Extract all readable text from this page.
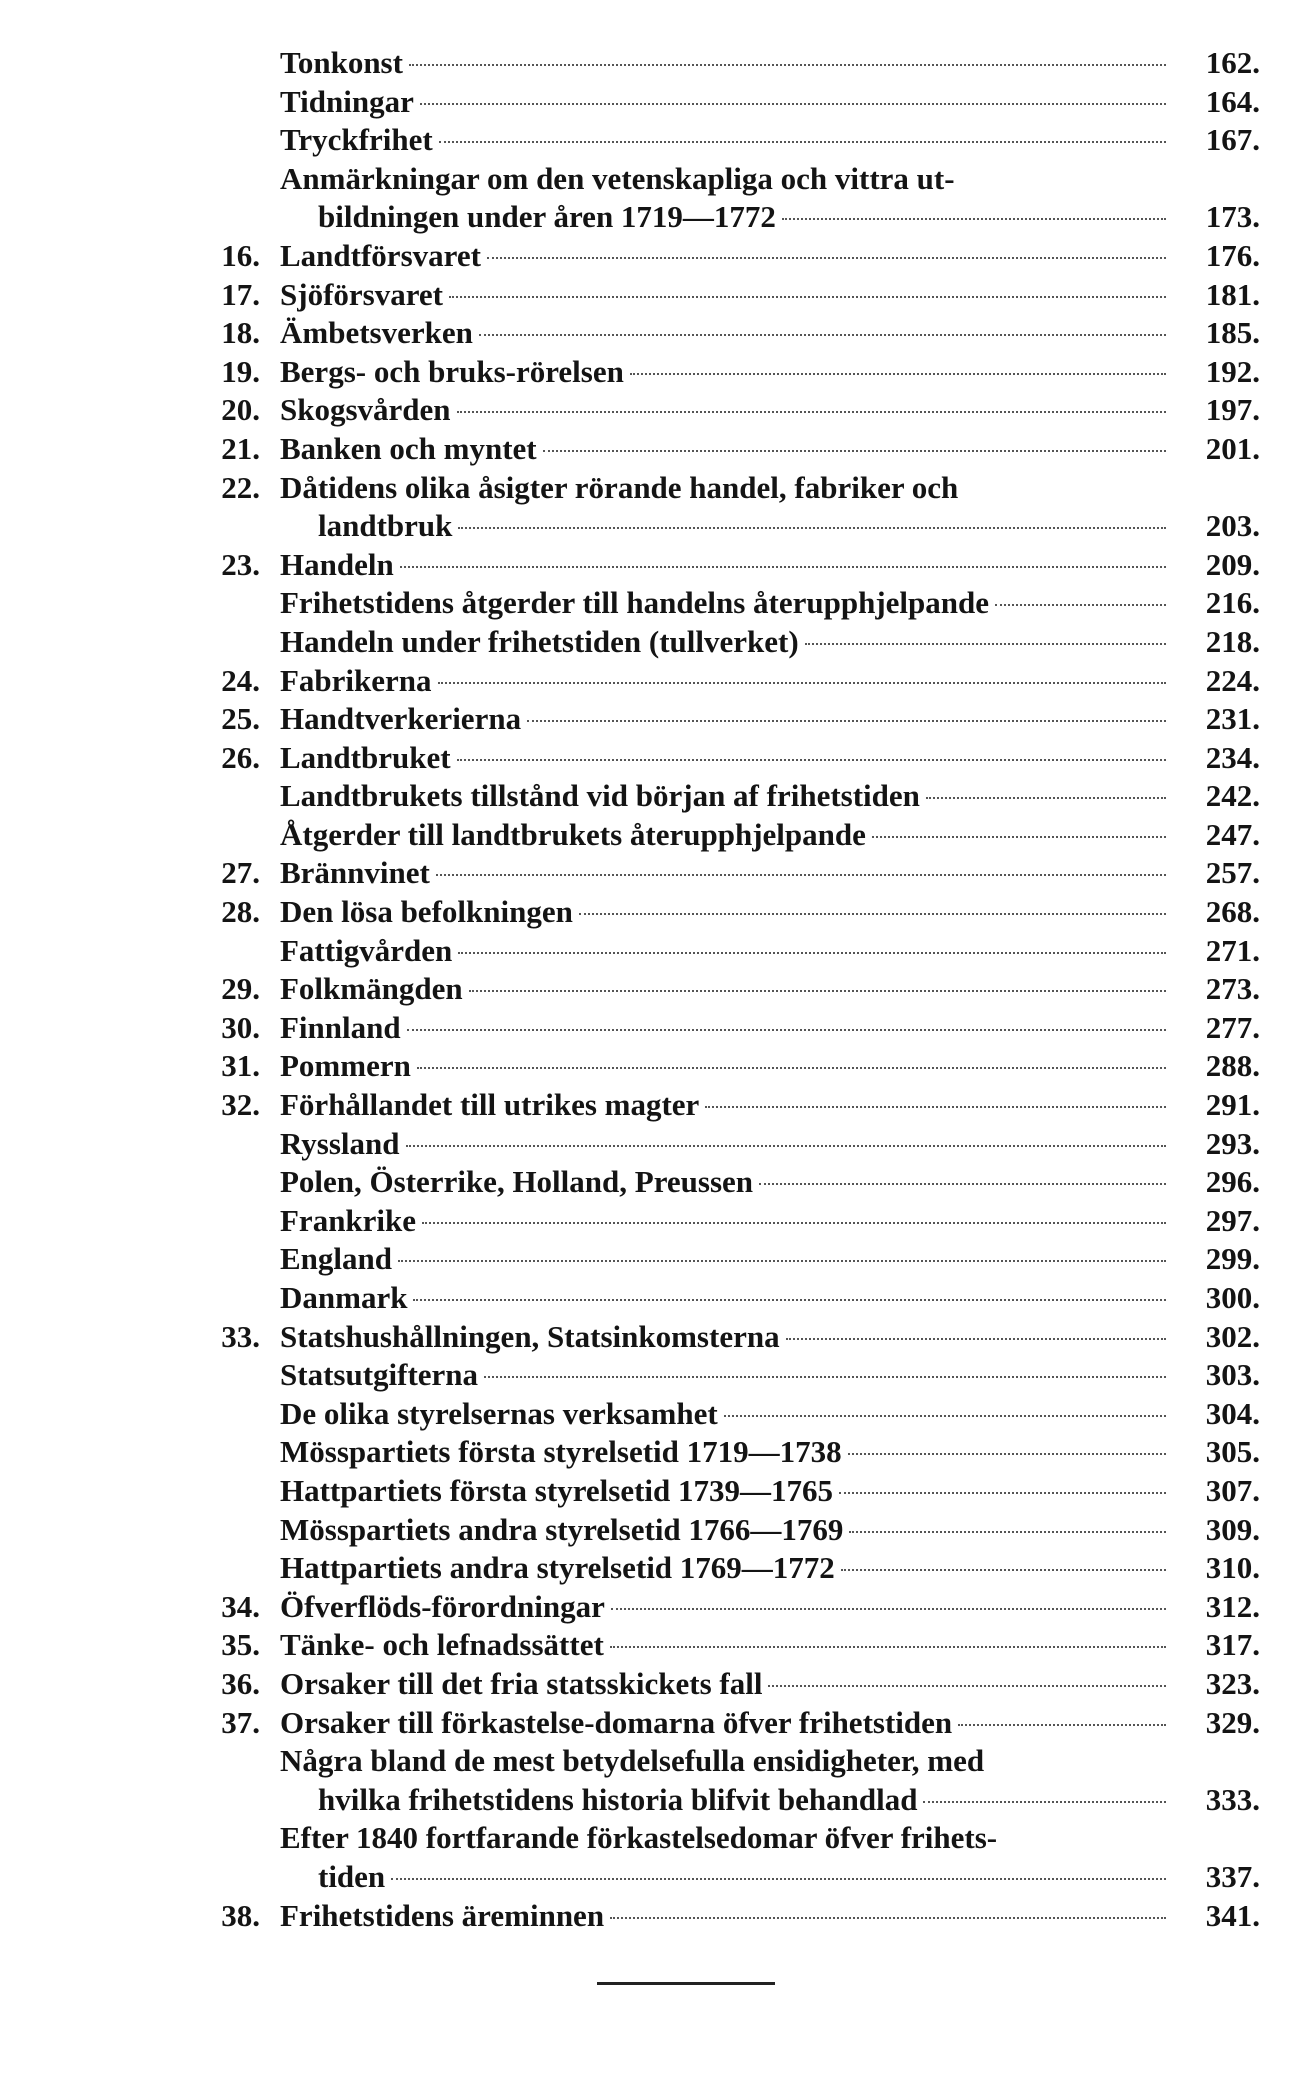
Tonkonst	162 .
Tidningar	164 .
Tryckfrihet	167 .
Anmärkningar om den vetenskapliga och vittra ut-
bildningen under åren 1719—1772	173 .
16. Landtförsvaret	176 .
17. Sjöförsvaret	181 .
18. Ämbetsverken	185 .
19. Bergs- och bruks-rörelsen	192 .
20. Skogsvården	197 .
21. Banken och myntet	201 .
22. Dåtidens olika åsigter rörande handel, fabriker och
landtbruk	203 .
23. Handeln	209 .
Frihetstidens åtgerder till handelns återupphjelpande	216 .
Handeln under frihetstiden (tullverket)	218 .
24. Fabrikerna	224 .
25. Handtverkerierna	231 .
26. Landtbruket	234 .
Landtbrukets tillstånd vid början af frihetstiden	242 .
Åtgerder till landtbrukets återupphjelpande	247 .
27. Brännvinet	257 .
28. Den lösa befolkningen	268 .
Fattigvården	271 .
29. Folkmängden	273 .
30. Finnland	277 .
31. Pommern	288 .
32. Förhållandet till utrikes magter	291 .
Ryssland	293 .
Polen, Österrike, Holland, Preussen	296 .
Frankrike	297 .
England	299 .
Danmark	300 .
33. Statshushållningen, Statsinkomsterna	302 .
Statsutgifterna	303 .
De olika styrelsernas verksamhet	304 .
Mösspartiets första styrelsetid 1719—1738	305 .
Hattpartiets första styrelsetid 1739—1765	307 .
Mösspartiets andra styrelsetid 1766—1769	309 .
Hattpartiets andra styrelsetid 1769—1772	310 .
34. Öfverflöds-förordningar	312 .
35. Tänke- och lefnadssättet	317 .
36. Orsaker till det fria statsskickets fall	323 .
37. Orsaker till förkastelse-domarna öfver frihetstiden	329 .
Några bland de mest betydelsefulla ensidigheter, med
hvilka frihetstidens historia blifvit behandlad	333 .
Efter 1840 fortfarande förkastelsedomar öfver frihets-
tiden	337 .
38. Frihetstidens äreminnen	341 .
